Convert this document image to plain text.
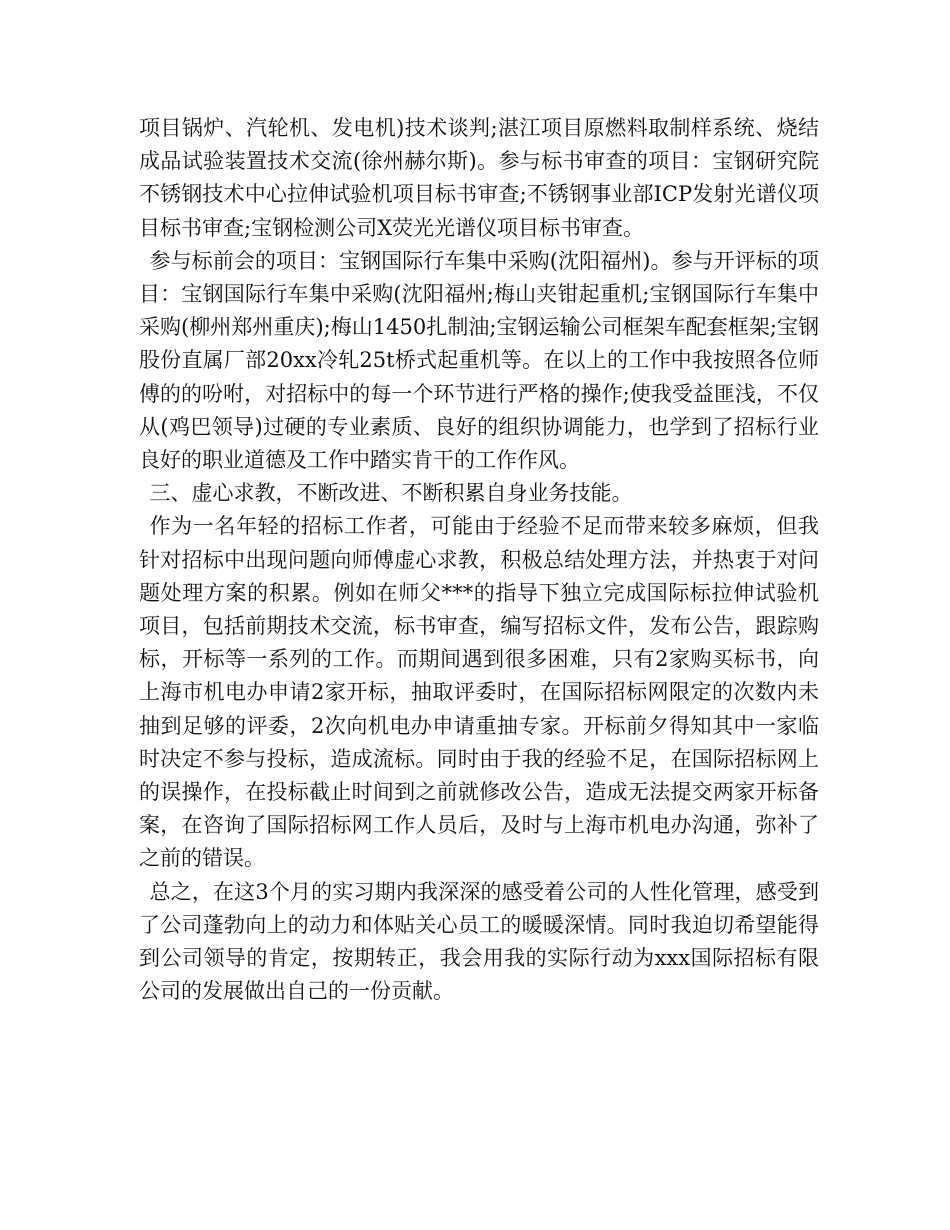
项目锅炉、汽轮机、发电机)技术谈判;湛江项目原燃料取制样系统、烧结成品试验装置技术交流(徐州赫尔斯)。参与标书审查的项目：宝钢研究院不锈钢技术中心拉伸试验机项目标书审查;不锈钢事业部ICP发射光谱仪项目标书审查;宝钢检测公司X荧光光谱仪项目标书审查。

参与标前会的项目：宝钢国际行车集中采购(沈阳福州)。参与开评标的项目：宝钢国际行车集中采购(沈阳福州;梅山夹钳起重机;宝钢国际行车集中采购(柳州郑州重庆);梅山1450扎制油;宝钢运输公司框架车配套框架;宝钢股份直属厂部20xx冷轧25t桥式起重机等。在以上的工作中我按照各位师傅的的吩咐，对招标中的每一个环节进行严格的操作;使我受益匪浅，不仅从(鸡巴领导)过硬的专业素质、良好的组织协调能力，也学到了招标行业良好的职业道德及工作中踏实肯干的工作作风。

三、虚心求教，不断改进、不断积累自身业务技能。

作为一名年轻的招标工作者，可能由于经验不足而带来较多麻烦，但我针对招标中出现问题向师傅虚心求教，积极总结处理方法，并热衷于对问题处理方案的积累。例如在师父***的指导下独立完成国际标拉伸试验机项目，包括前期技术交流，标书审查，编写招标文件，发布公告，跟踪购标，开标等一系列的工作。而期间遇到很多困难，只有2家购买标书，向上海市机电办申请2家开标，抽取评委时，在国际招标网限定的次数内未抽到足够的评委，2次向机电办申请重抽专家。开标前夕得知其中一家临时决定不参与投标，造成流标。同时由于我的经验不足，在国际招标网上的误操作，在投标截止时间到之前就修改公告，造成无法提交两家开标备案，在咨询了国际招标网工作人员后，及时与上海市机电办沟通，弥补了之前的错误。

总之，在这3个月的实习期内我深深的感受着公司的人性化管理，感受到了公司蓬勃向上的动力和体贴关心员工的暖暖深情。同时我迫切希望能得到公司领导的肯定，按期转正，我会用我的实际行动为xxx国际招标有限公司的发展做出自己的一份贡献。
